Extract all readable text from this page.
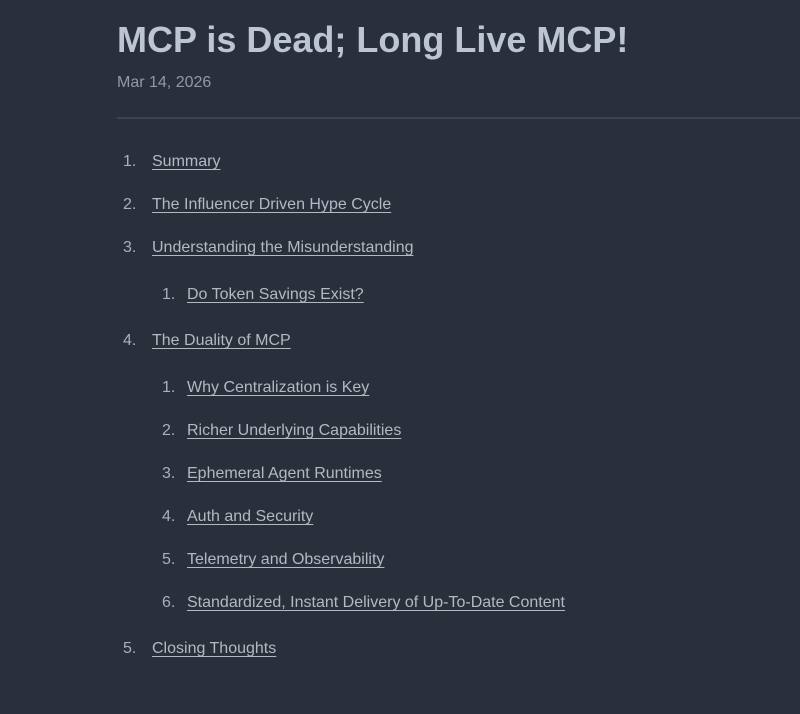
MCP is Dead; Long Live MCP!

Mar 14, 2026

1. Summary
2. The Influencer Driven Hype Cycle
3. Understanding the Misunderstanding
1. Do Token Savings Exist?
4. The Duality of MCP
1. Why Centralization is Key
2. Richer Underlying Capabilities
3. Ephemeral Agent Runtimes
4. Auth and Security
5. Telemetry and Observability
6. Standardized, Instant Delivery of Up-To-Date Content
5. Closing Thoughts
